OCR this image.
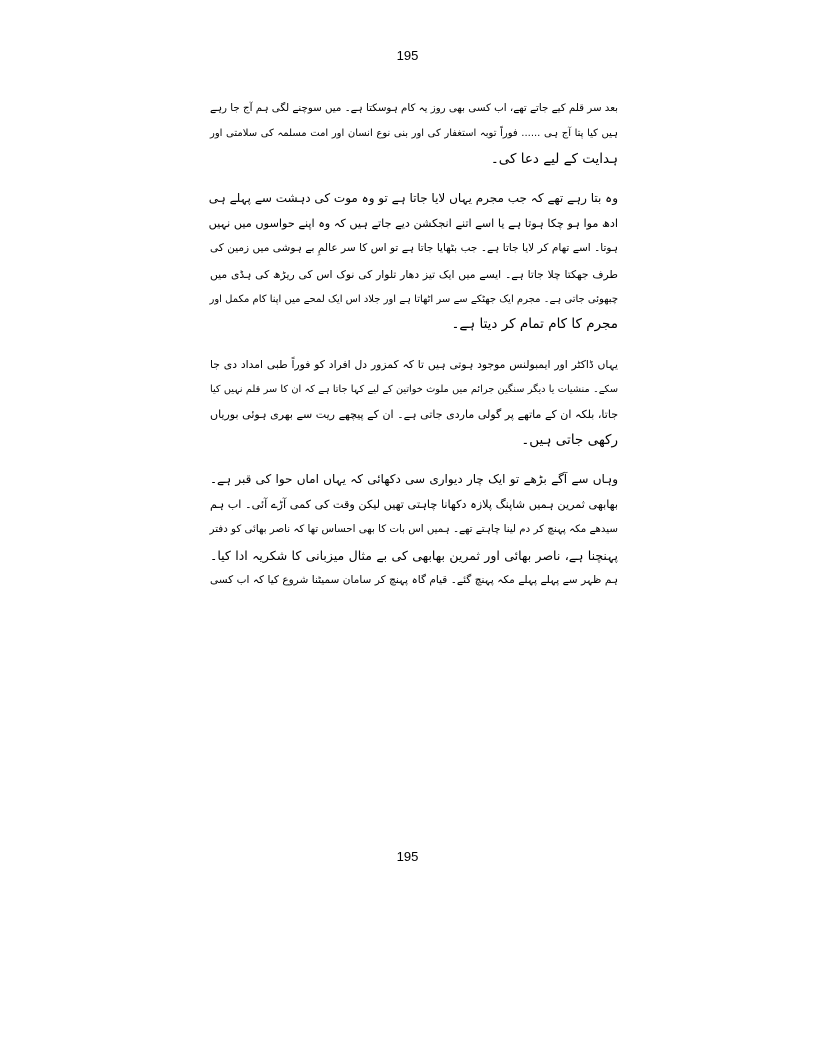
195
بعد سر قلم کیے جاتے تھے، اب کسی بھی روز یہ کام ہوسکتا ہے۔ میں سوچنے لگی ہم آج جا رہے
ہیں کیا پتا آج ہی ...... فوراً توبہ استغفار کی اور بنی نوع انسان اور امت مسلمہ کی سلامتی اور
ہدایت کے لیے دعا کی۔
وہ بتا رہے تھے کہ جب مجرم یہاں لایا جاتا ہے تو وہ موت کی دہشت سے پہلے ہی
ادھ موا ہو چکا ہوتا ہے یا اسے اتنے انجکشن دیے جاتے ہیں کہ وہ اپنے حواسوں میں نہیں
ہوتا۔ اسے تھام کر لایا جاتا ہے۔ جب بٹھایا جاتا ہے تو اس کا سر عالمِ بے ہوشی میں زمین کی
طرف جھکتا چلا جاتا ہے۔ ایسے میں ایک تیز دھار تلوار کی نوک اس کی ریڑھ کی ہڈی میں
چبھوئی جاتی ہے۔ مجرم ایک جھٹکے سے سر اٹھاتا ہے اور جلاد اس ایک لمحے میں اپنا کام مکمل اور
مجرم کا کام تمام کر دیتا ہے۔
یہاں ڈاکٹر اور ایمبولنس موجود ہوتی ہیں تا کہ کمزور دل افراد کو فوراً طبی امداد دی جا
سکے۔ منشیات یا دیگر سنگین جرائم میں ملوث خواتین کے لیے کہا جاتا ہے کہ ان کا سر قلم نہیں کیا
جاتا، بلکہ ان کے ماتھے پر گولی ماردی جاتی ہے۔ ان کے پیچھے ریت سے بھری ہوئی بوریاں
رکھی جاتی ہیں۔
وہاں سے آگے بڑھے تو ایک چار دیواری سی دکھائی کہ یہاں اماں حوا کی قبر ہے۔
بھابھی ثمرین ہمیں شاپنگ پلازہ دکھانا چاہتی تھیں لیکن وقت کی کمی آڑے آئی۔ اب ہم
سیدھے مکہ پہنچ کر دم لینا چاہتے تھے۔ ہمیں اس بات کا بھی احساس تھا کہ ناصر بھائی کو دفتر
پہنچنا ہے، ناصر بھائی اور ثمرین بھابھی کی بے مثال میزبانی کا شکریہ ادا کیا۔
ہم ظہر سے پہلے پہلے مکہ پہنچ گئے۔ قیام گاہ پہنچ کر سامان سمیٹنا شروع کیا کہ اب کسی
195
